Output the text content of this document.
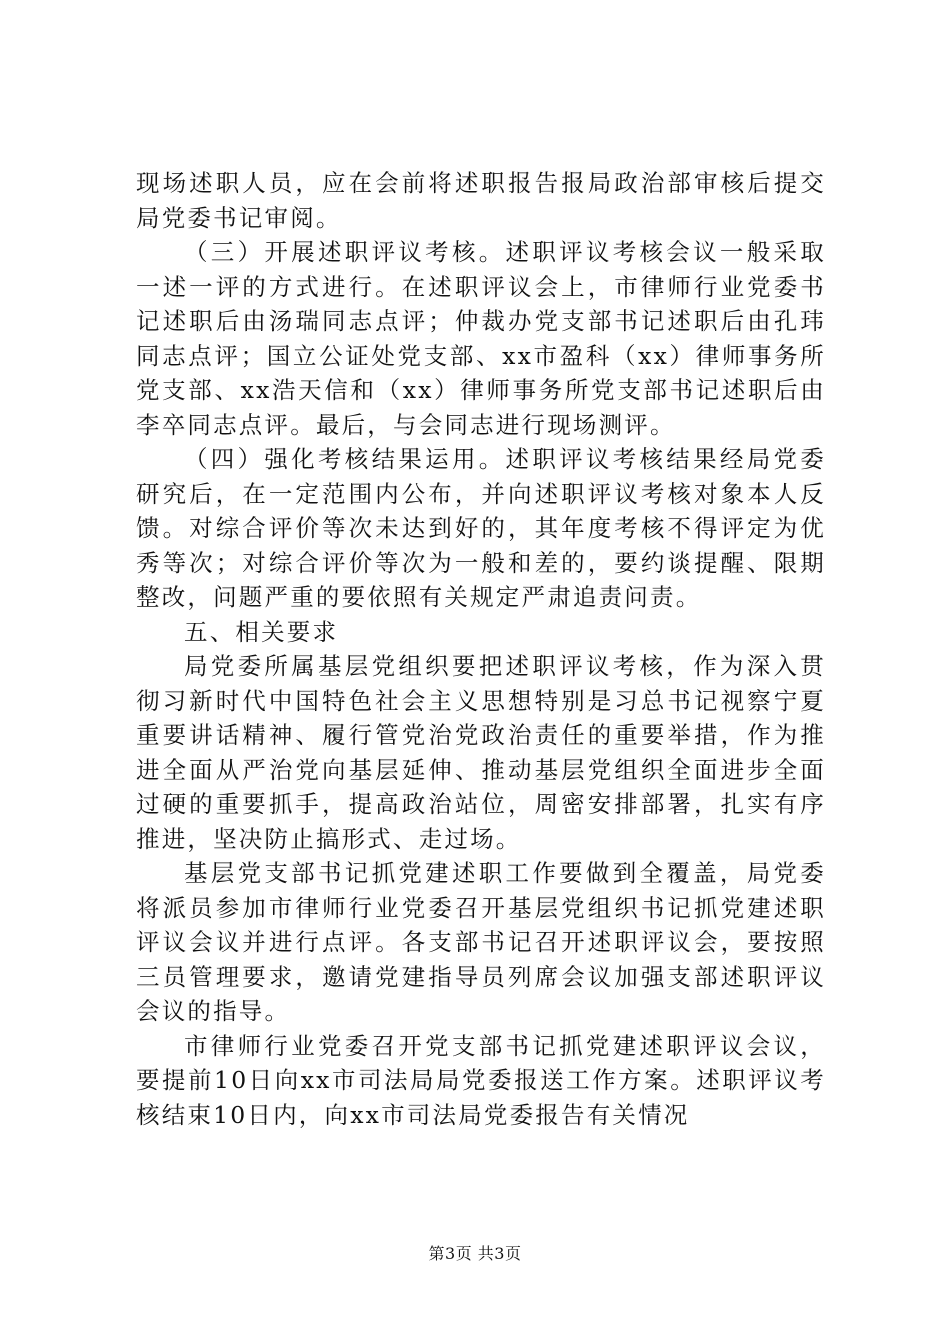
现场述职人员，应在会前将述职报告报局政治部审核后提交局党委书记审阅。

（三）开展述职评议考核。述职评议考核会议一般采取一述一评的方式进行。在述职评议会上，市律师行业党委书记述职后由汤瑞同志点评；仲裁办党支部书记述职后由孔玮同志点评；国立公证处党支部、xx市盈科（xx）律师事务所党支部、xx浩天信和（xx）律师事务所党支部书记述职后由李卒同志点评。最后，与会同志进行现场测评。

（四）强化考核结果运用。述职评议考核结果经局党委研究后，在一定范围内公布，并向述职评议考核对象本人反馈。对综合评价等次未达到好的，其年度考核不得评定为优秀等次；对综合评价等次为一般和差的，要约谈提醒、限期整改，问题严重的要依照有关规定严肃追责问责。

五、相关要求

局党委所属基层党组织要把述职评议考核，作为深入贯彻习新时代中国特色社会主义思想特别是习总书记视察宁夏重要讲话精神、履行管党治党政治责任的重要举措，作为推进全面从严治党向基层延伸、推动基层党组织全面进步全面过硬的重要抓手，提高政治站位，周密安排部署，扎实有序推进，坚决防止搞形式、走过场。

基层党支部书记抓党建述职工作要做到全覆盖，局党委将派员参加市律师行业党委召开基层党组织书记抓党建述职评议会议并进行点评。各支部书记召开述职评议会，要按照三员管理要求，邀请党建指导员列席会议加强支部述职评议会议的指导。

市律师行业党委召开党支部书记抓党建述职评议会议，要提前10日向xx市司法局局党委报送工作方案。述职评议考核结束10日内，向xx市司法局党委报告有关情况

第3页 共3页
